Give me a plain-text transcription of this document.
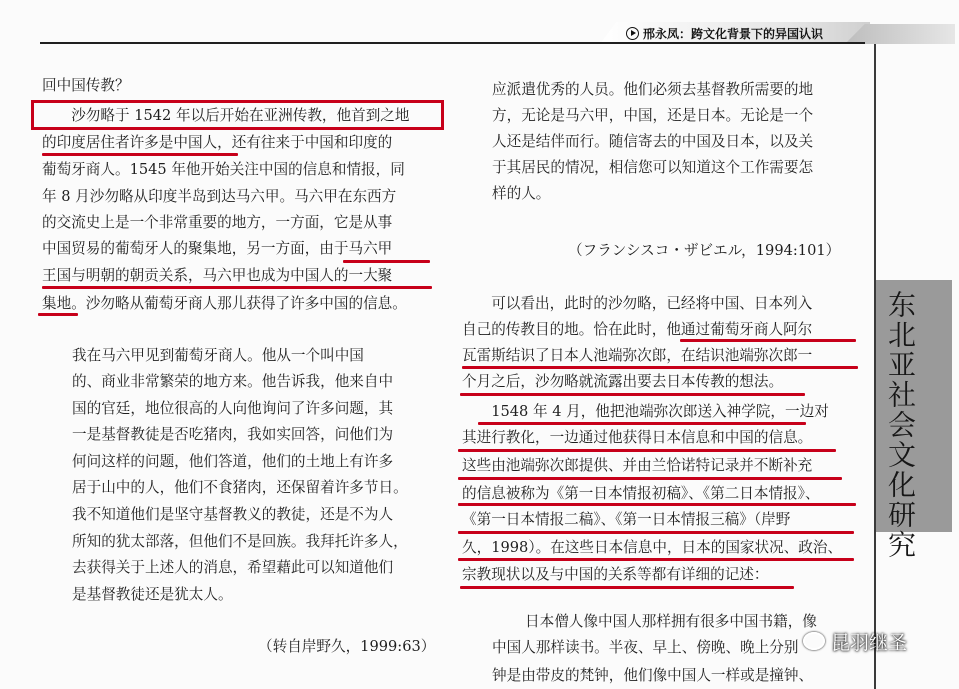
邢永凤：跨文化背景下的异国认识
东北亚社会文化研究
回中国传教？
　　沙勿略于 1542 年以后开始在亚洲传教，他首到之地
的印度居住者许多是中国人，还有往来于中国和印度的
葡萄牙商人。1545 年他开始关注中国的信息和情报，同
年 8 月沙勿略从印度半岛到达马六甲。马六甲在东西方
的交流史上是一个非常重要的地方，一方面，它是从事
中国贸易的葡萄牙人的聚集地，另一方面，由于马六甲
王国与明朝的朝贡关系，马六甲也成为中国人的一大聚
集地。沙勿略从葡萄牙商人那儿获得了许多中国的信息。
我在马六甲见到葡萄牙商人。他从一个叫中国
的、商业非常繁荣的地方来。他告诉我，他来自中
国的官廷，地位很高的人向他询问了许多问题，其
一是基督教徒是否吃猪肉，我如实回答，问他们为
何问这样的问题，他们答道，他们的土地上有许多
居于山中的人，他们不食猪肉，还保留着许多节日。
我不知道他们是坚守基督教义的教徒，还是不为人
所知的犹太部落，但他们不是回族。我拜托许多人，
去获得关于上述人的消息，希望藉此可以知道他们
是基督教徒还是犹太人。
（转自岸野久，1999:63）
应派遣优秀的人员。他们必须去基督教所需要的地
方，无论是马六甲，中国，还是日本。无论是一个
人还是结伴而行。随信寄去的中国及日本，以及关
于其居民的情况，相信您可以知道这个工作需要怎
样的人。
（フランシスコ・ザビエル，1994:101）
　　可以看出，此时的沙勿略，已经将中国、日本列入
自己的传教目的地。恰在此时，他通过葡萄牙商人阿尔
瓦雷斯结识了日本人池端弥次郎，在结识池端弥次郎一
个月之后，沙勿略就流露出要去日本传教的想法。
　　1548 年 4 月，他把池端弥次郎送入神学院，一边对
其进行教化，一边通过他获得日本信息和中国的信息。
这些由池端弥次郎提供、并由兰恰诺特记录并不断补充
的信息被称为《第一日本情报初稿》、《第二日本情报》、
《第一日本情报二稿》、《第一日本情报三稿》（岸野
久，1998）。在这些日本信息中，日本的国家状况、政治、
宗教现状以及与中国的关系等都有详细的记述：
日本僧人像中国人那样拥有很多中国书籍，像
中国人那样读书。半夜、早上、傍晚、晚上分别
钟是由带皮的梵钟，他们像中国人一样或是撞钟、
昆羽继圣
